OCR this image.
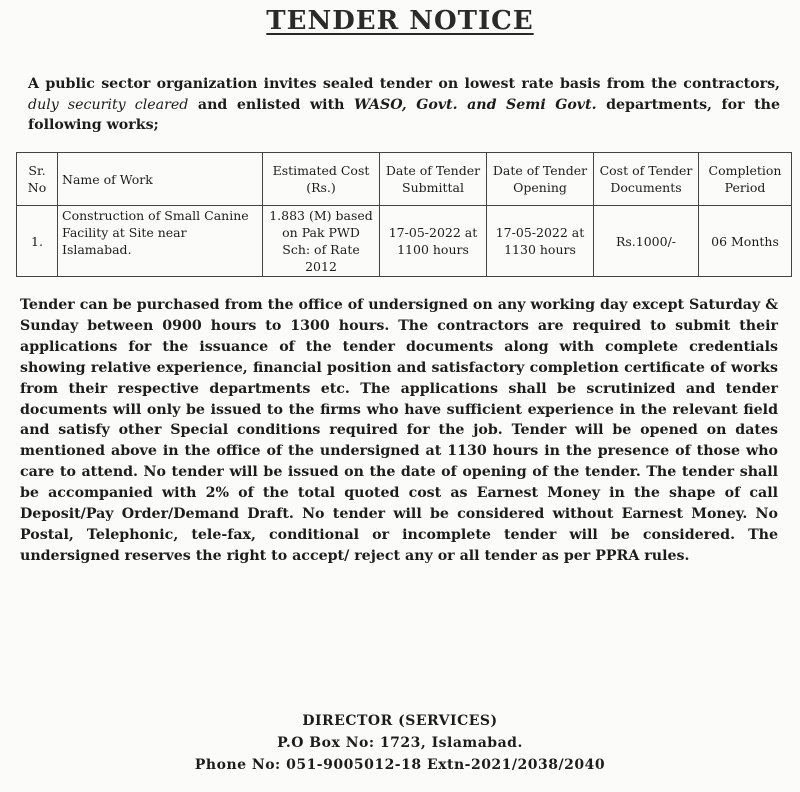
TENDER NOTICE
A public sector organization invites sealed tender on lowest rate basis from the contractors, duly security cleared and enlisted with WASO, Govt. and Semi Govt. departments, for the following works;
Sr. No	Name of Work	Estimated Cost (Rs.)	Date of Tender Submittal	Date of Tender Opening	Cost of Tender Documents	Completion Period
1.	Construction of Small Canine Facility at Site near Islamabad.	1.883 (M) based on Pak PWD Sch: of Rate 2012	17-05-2022 at 1100 hours	17-05-2022 at 1130 hours	Rs.1000/-	06 Months
Tender can be purchased from the office of undersigned on any working day except Saturday & Sunday between 0900 hours to 1300 hours. The contractors are required to submit their applications for the issuance of the tender documents along with complete credentials showing relative experience, financial position and satisfactory completion certificate of works from their respective departments etc. The applications shall be scrutinized and tender documents will only be issued to the firms who have sufficient experience in the relevant field and satisfy other Special conditions required for the job. Tender will be opened on dates mentioned above in the office of the undersigned at 1130 hours in the presence of those who care to attend. No tender will be issued on the date of opening of the tender. The tender shall be accompanied with 2% of the total quoted cost as Earnest Money in the shape of call Deposit/Pay Order/Demand Draft. No tender will be considered without Earnest Money. No Postal, Telephonic, tele-fax, conditional or incomplete tender will be considered. The undersigned reserves the right to accept/ reject any or all tender as per PPRA rules.
DIRECTOR (SERVICES)
P.O Box No: 1723, Islamabad.
Phone No: 051-9005012-18 Extn-2021/2038/2040
